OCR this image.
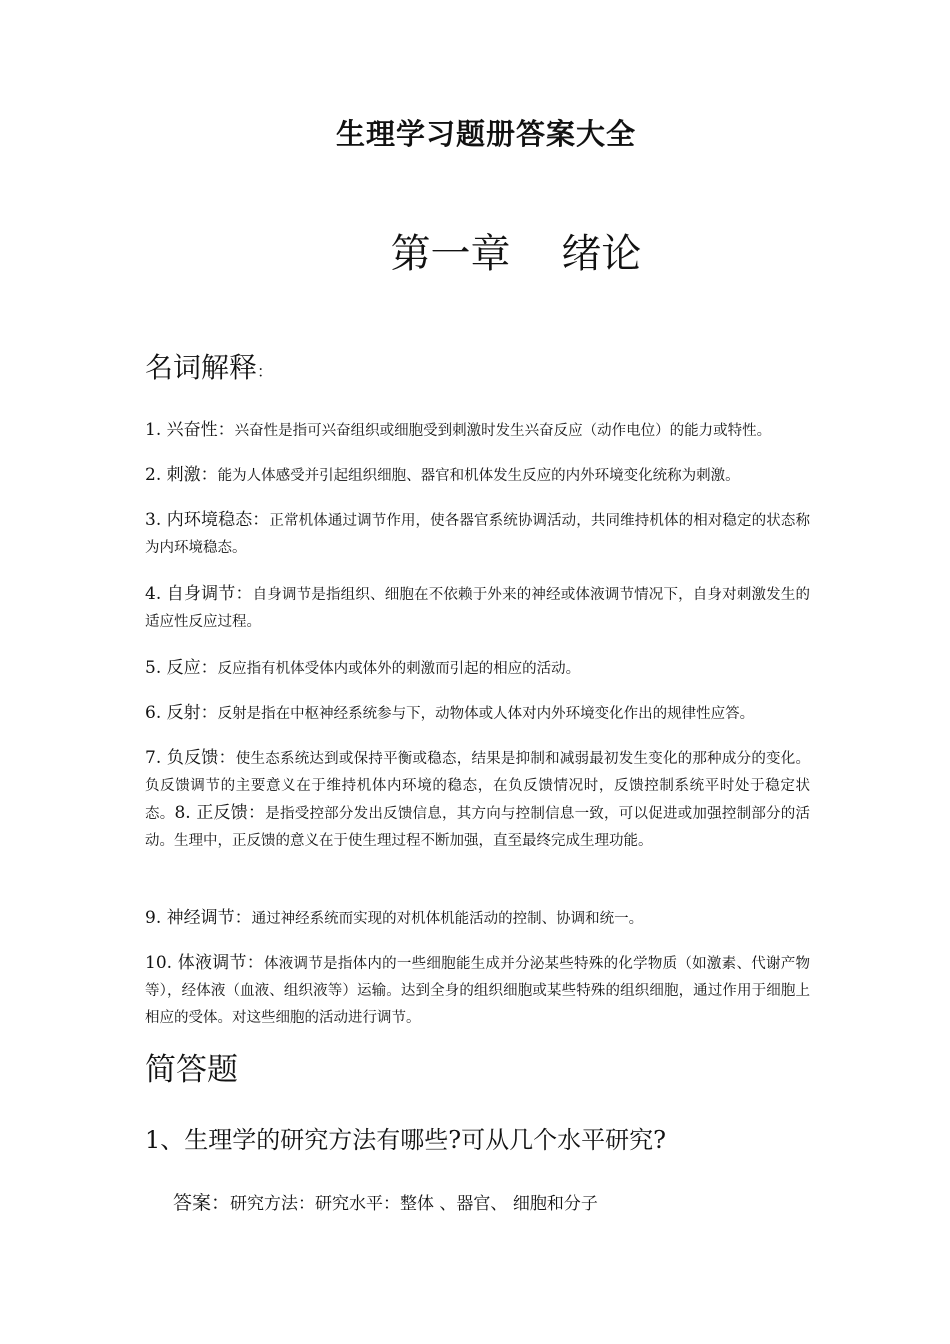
生理学习题册答案大全
第一章    绪论
名词解释：
1. 兴奋性：兴奋性是指可兴奋组织或细胞受到刺激时发生兴奋反应（动作电位）的能力或特性。
2. 刺激：能为人体感受并引起组织细胞、器官和机体发生反应的内外环境变化统称为刺激。
3. 内环境稳态：正常机体通过调节作用，使各器官系统协调活动，共同维持机体的相对稳定的状态称为内环境稳态。
4. 自身调节：自身调节是指组织、细胞在不依赖于外来的神经或体液调节情况下，自身对刺激发生的适应性反应过程。
5. 反应：反应指有机体受体内或体外的刺激而引起的相应的活动。
6. 反射：反射是指在中枢神经系统参与下，动物体或人体对内外环境变化作出的规律性应答。
7. 负反馈：使生态系统达到或保持平衡或稳态，结果是抑制和减弱最初发生变化的那种成分的变化。负反馈调节的主要意义在于维持机体内环境的稳态，在负反馈情况时，反馈控制系统平时处于稳定状态。8. 正反馈：是指受控部分发出反馈信息，其方向与控制信息一致，可以促进或加强控制部分的活动。生理中，正反馈的意义在于使生理过程不断加强，直至最终完成生理功能。
9. 神经调节：通过神经系统而实现的对机体机能活动的控制、协调和统一。
10. 体液调节：体液调节是指体内的一些细胞能生成并分泌某些特殊的化学物质（如激素、代谢产物等），经体液（血液、组织液等）运输。达到全身的组织细胞或某些特殊的组织细胞，通过作用于细胞上相应的受体。对这些细胞的活动进行调节。
简答题
1、生理学的研究方法有哪些?可从几个水平研究?
答案：研究方法：研究水平：整体 、器官、 细胞和分子
